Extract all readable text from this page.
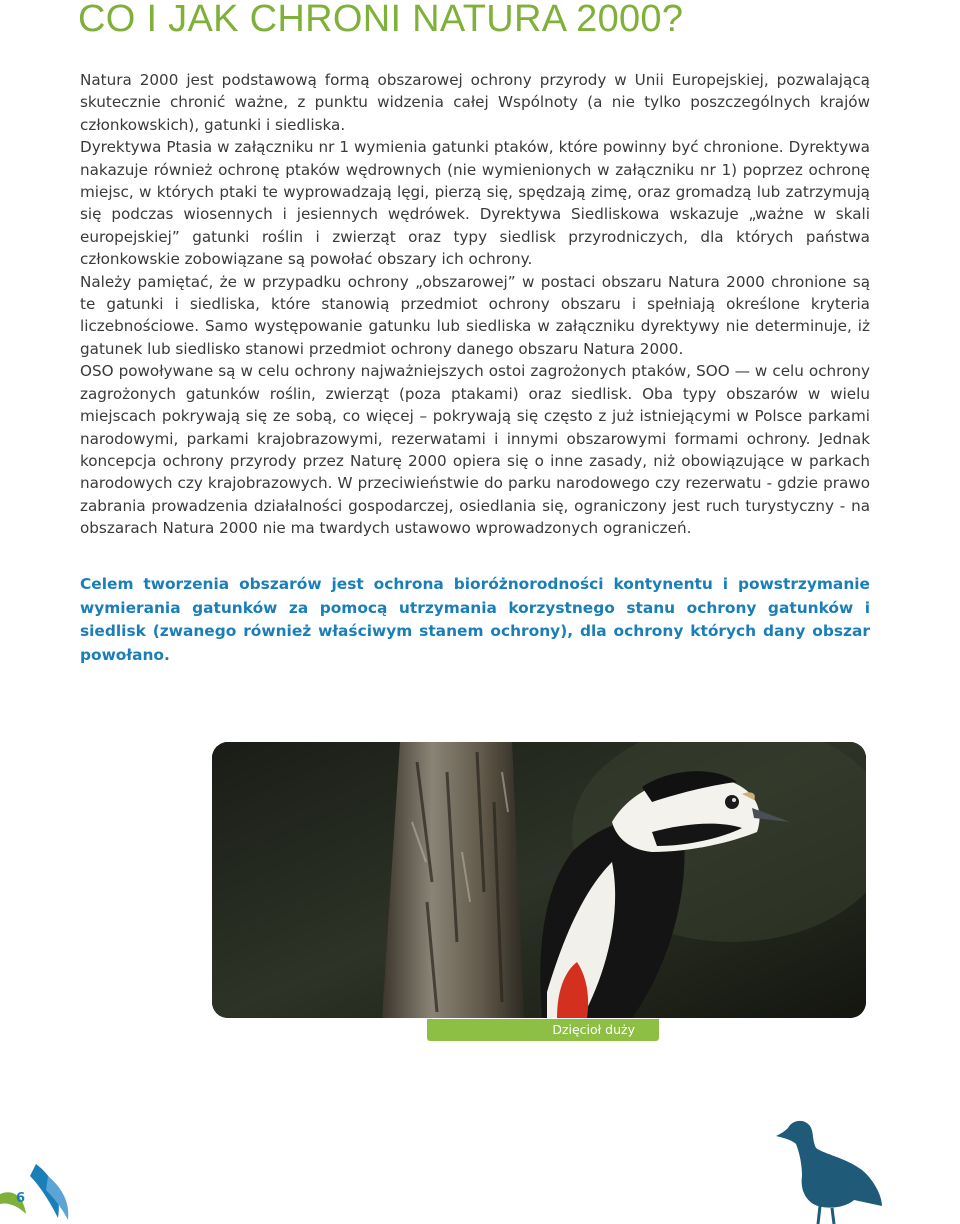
CO I JAK CHRONI NATURA 2000?

Natura 2000 jest podstawową formą obszarowej ochrony przyrody w Unii Europejskiej, pozwalającą skutecznie chronić ważne, z punktu widzenia całej Wspólnoty (a nie tylko poszczególnych krajów członkowskich), gatunki i siedliska.

Dyrektywa Ptasia w załączniku nr 1 wymienia gatunki ptaków, które powinny być chronione. Dyrektywa nakazuje również ochronę ptaków wędrownych (nie wymienionych w załączniku nr 1) poprzez ochronę miejsc, w których ptaki te wyprowadzają lęgi, pierzą się, spędzają zimę, oraz gromadzą lub zatrzymują się podczas wiosennych i jesiennych wędrówek. Dyrektywa Siedliskowa wskazuje „ważne w skali europejskiej” gatunki roślin i zwierząt oraz typy siedlisk przyrodniczych, dla których państwa członkowskie zobowiązane są powołać obszary ich ochrony.

Należy pamiętać, że w przypadku ochrony „obszarowej” w postaci obszaru Natura 2000 chronione są te gatunki i siedliska, które stanowią przedmiot ochrony obszaru i spełniają określone kryteria liczebnościowe. Samo występowanie gatunku lub siedliska w załączniku dyrektywy nie determinuje, iż gatunek lub siedlisko stanowi przedmiot ochrony danego obszaru Natura 2000.

OSO powoływane są w celu ochrony najważniejszych ostoi zagrożonych ptaków, SOO — w celu ochrony zagrożonych gatunków roślin, zwierząt (poza ptakami) oraz siedlisk. Oba typy obszarów w wielu miejscach pokrywają się ze sobą, co więcej – pokrywają się często z już istniejącymi w Polsce parkami narodowymi, parkami krajobrazowymi, rezerwatami i innymi obszarowymi formami ochrony. Jednak koncepcja ochrony przyrody przez Naturę 2000 opiera się o inne zasady, niż obowiązujące w parkach narodowych czy krajobrazowych. W przeciwieństwie do parku narodowego czy rezerwatu - gdzie prawo zabrania prowadzenia działalności gospodarczej, osiedlania się, ograniczony jest ruch turystyczny - na obszarach Natura 2000 nie ma twardych ustawowo wprowadzonych ograniczeń.

Celem tworzenia obszarów jest ochrona bioróżnorodności kontynentu i powstrzymanie wymierania gatunków za pomocą utrzymania korzystnego stanu ochrony gatunków i siedlisk (zwanego również właściwym stanem ochrony), dla ochrony których dany obszar powołano.

Dzięcioł duży
6
